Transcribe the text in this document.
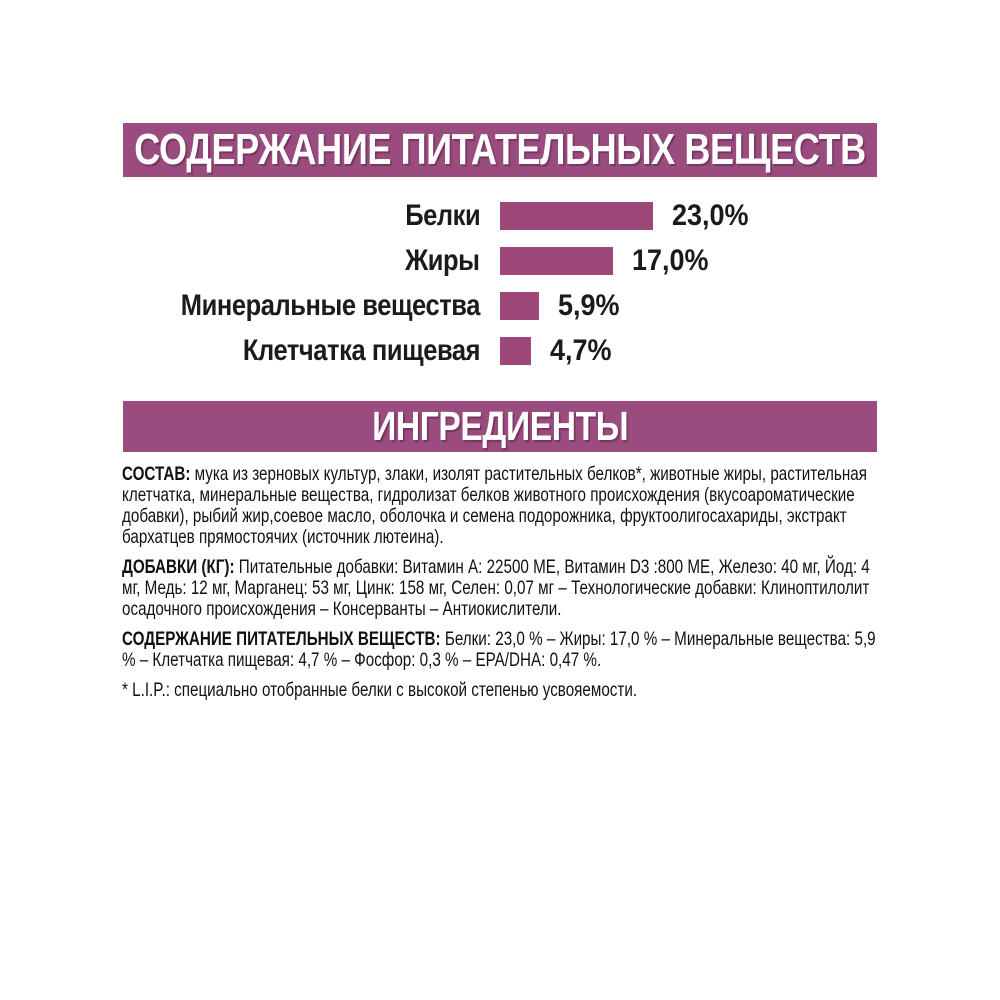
СОДЕРЖАНИЕ ПИТАТЕЛЬНЫХ ВЕЩЕСТВ
Белки	23,0%
Жиры	17,0%
Минеральные вещества	5,9%
Клетчатка пищевая 4,7%
ИНГРЕДИЕНТЫ

СОСТАВ: мука из зерновых культур, злаки, изолят растительных белков*, животные жиры, растительная клетчатка, минеральные вещества, гидролизат белков животного происхождения (вкусоароматические добавки), рыбий жир,соевое масло, оболочка и семена подорожника, фруктоолигосахариды, экстракт бархатцев прямостоячих (источник лютеина).

ДОБАВКИ (КГ): Питательные добавки: Витамин A: 22500 МЕ, Витамин D3 :800 МЕ, Железо: 40 мг, Йод: 4 мг, Медь: 12 мг, Марганец: 53 мг, Цинк: 158 мг, Селен: 0,07 мг – Технологические добавки: Клиноптилолит осадочного происхождения – Консерванты – Антиокислители.

СОДЕРЖАНИЕ ПИТАТЕЛЬНЫХ ВЕЩЕСТВ: Белки: 23,0 % – Жиры: 17,0 % – Минеральные вещества: 5,9 % – Клетчатка пищевая: 4,7 % – Фосфор: 0,3 % – EPA/DHA: 0,47 %.

* L.I.P.: специально отобранные белки с высокой степенью усвояемости.
